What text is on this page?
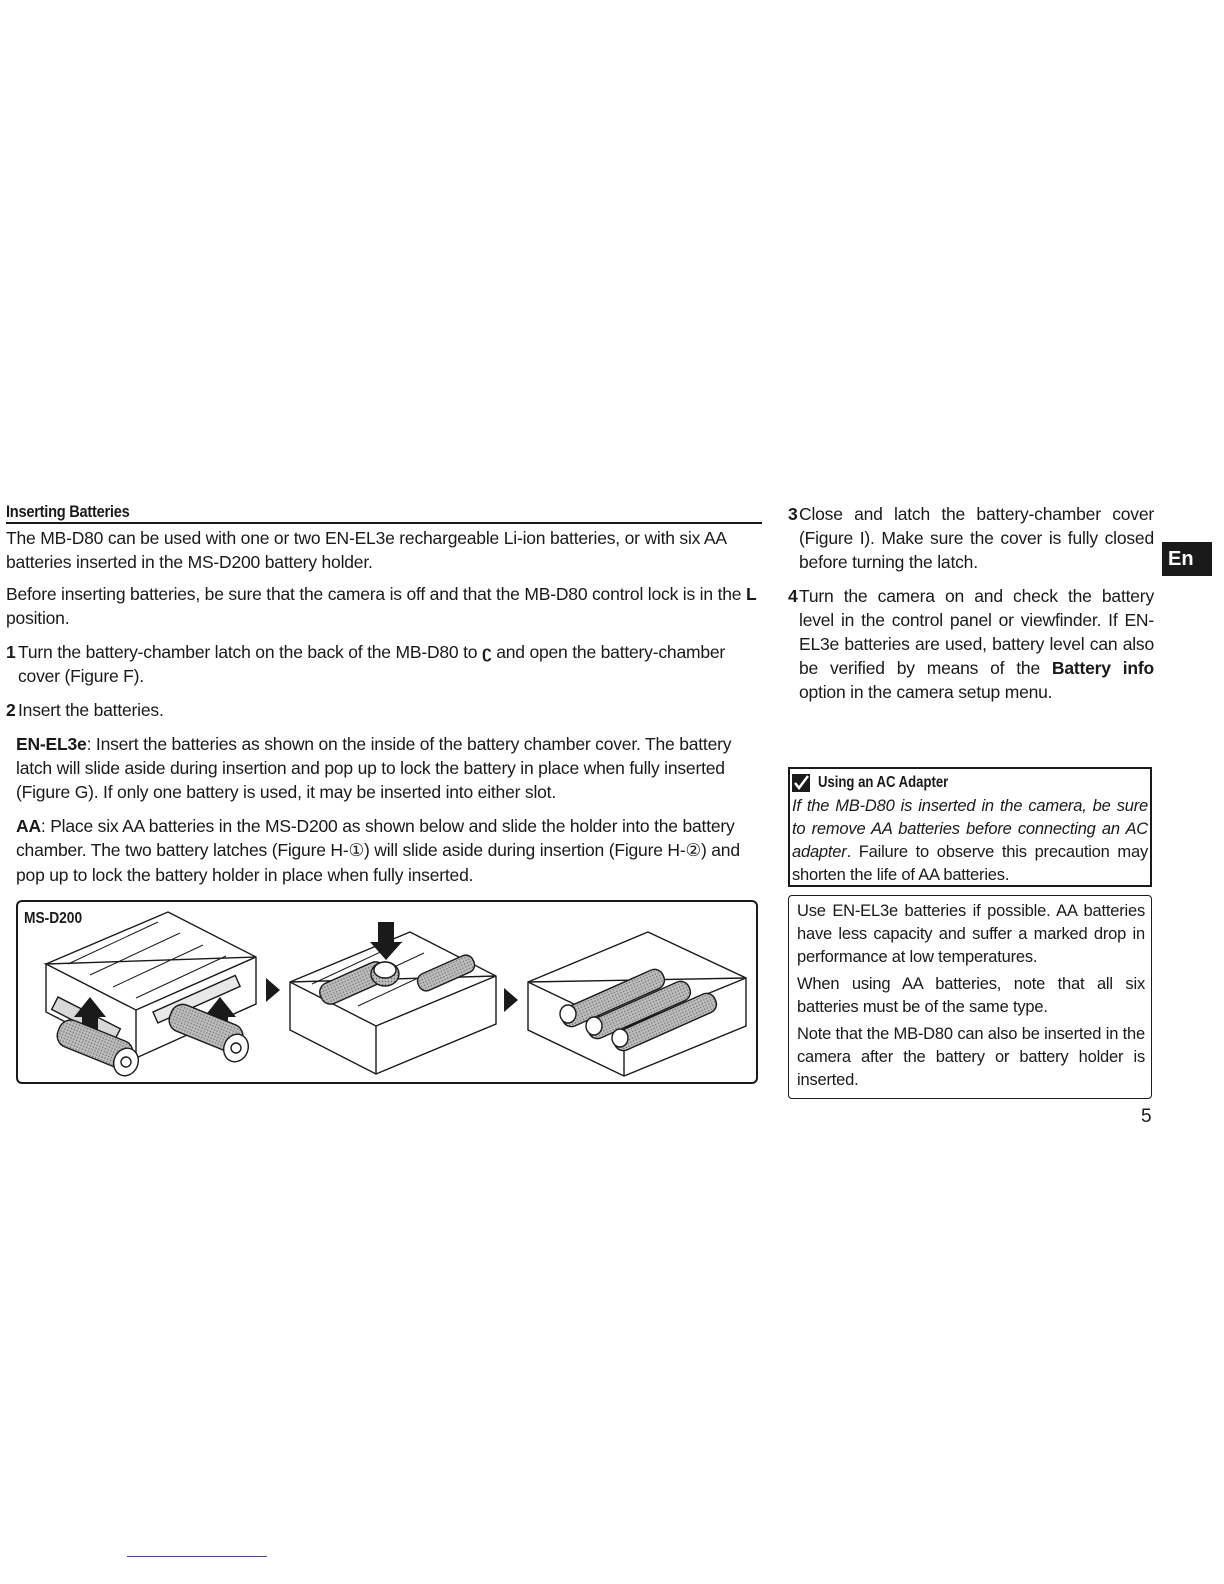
Inserting Batteries

The MB-D80 can be used with one or two EN-EL3e rechargeable Li-ion batteries, or with six AA batteries inserted in the MS-D200 battery holder.

Before inserting batteries, be sure that the camera is off and that the MB-D80 control lock is in the L position.

1 Turn the battery-chamber latch on the back of the MB-D80 to ʗ and open the battery-chamber cover (Figure F).

2 Insert the batteries.

EN-EL3e: Insert the batteries as shown on the inside of the battery chamber cover. The battery latch will slide aside during insertion and pop up to lock the battery in place when fully inserted (Figure G). If only one battery is used, it may be inserted into either slot.

AA: Place six AA batteries in the MS-D200 as shown below and slide the holder into the battery chamber. The two battery latches (Figure H-①) will slide aside during insertion (Figure H-②) and pop up to lock the battery holder in place when fully inserted.

MS-D200

3 Close and latch the battery-chamber cover (Figure I). Make sure the cover is fully closed before turning the latch.

4 Turn the camera on and check the battery level in the control panel or viewfinder. If EN-EL3e batteries are used, battery level can also be verified by means of the Battery info option in the camera setup menu.

En
Using an AC Adapter

If the MB-D80 is inserted in the camera, be sure to remove AA batteries before connecting an AC adapter. Failure to observe this precaution may shorten the life of AA batteries.

Use EN-EL3e batteries if possible. AA batteries have less capacity and suffer a marked drop in performance at low temperatures.

When using AA batteries, note that all six batteries must be of the same type.

Note that the MB-D80 can also be inserted in the camera after the battery or battery holder is inserted.

5
